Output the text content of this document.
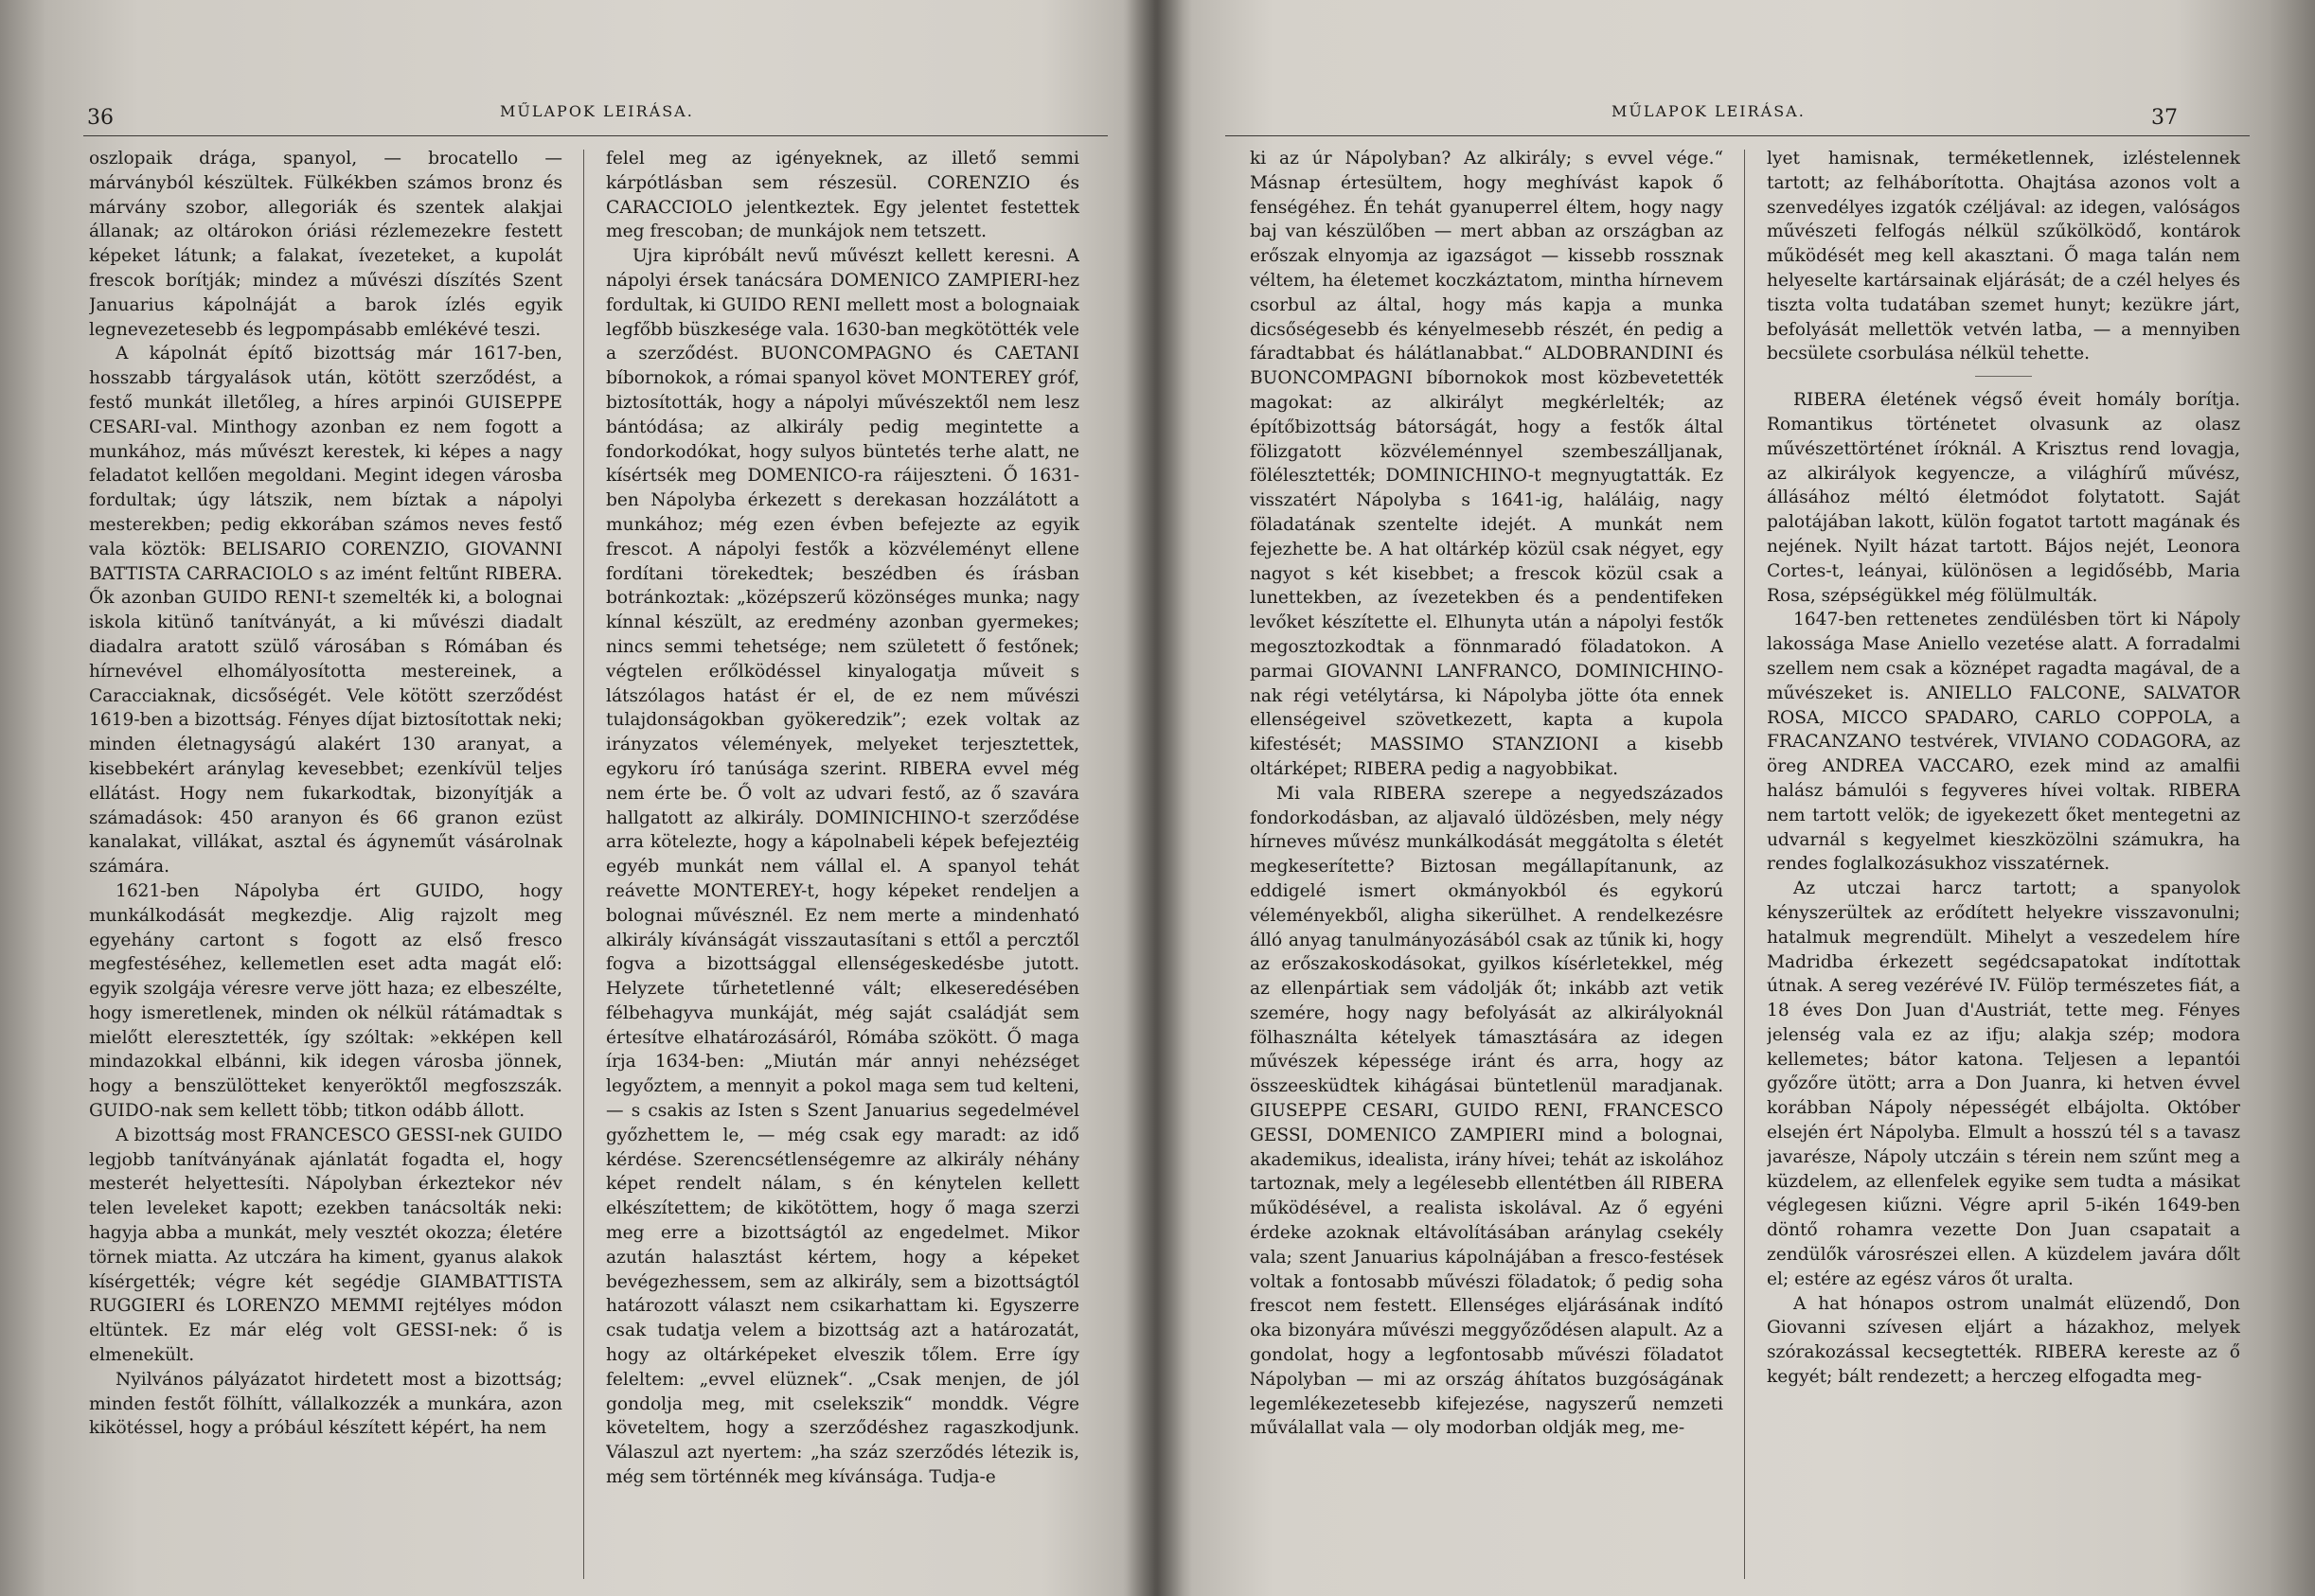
36	MŰLAPOK LEIRÁSA.

oszlopaik drága, spanyol, — brocatello — márványból készültek. Fülkékben számos bronz és márvány szobor, allegoriák és szentek alakjai állanak; az oltárokon óriási rézlemezekre festett képeket látunk; a falakat, ívezeteket, a kupolát frescok borítják; mindez a művészi díszítés Szent Januarius kápolnáját a barok ízlés egyik legnevezetesebb és legpompásabb emlékévé teszi.

A kápolnát építő bizottság már 1617-ben, hosszabb tárgyalások után, kötött szerződést, a festő munkát illetőleg, a híres arpinói GUISEPPE CESARI-val. Minthogy azonban ez nem fogott a munkához, más művészt kerestek, ki képes a nagy feladatot kellően megoldani. Megint idegen városba fordultak; úgy látszik, nem bíztak a nápolyi mesterekben; pedig ekkorában számos neves festő vala köztök: BELISARIO CORENZIO, GIOVANNI BATTISTA CARRACIOLO s az imént feltűnt RIBERA. Ők azonban GUIDO RENI-t szemelték ki, a bolognai iskola kitünő tanítványát, a ki művészi diadalt diadalra aratott szülő városában s Rómában és hírnevével elhomályosította mestereinek, a Caracciaknak, dicsőségét. Vele kötött szerződést 1619-ben a bizottság. Fényes díjat biztosítottak neki; minden életnagyságú alakért 130 aranyat, a kisebbekért aránylag kevesebbet; ezenkívül teljes ellátást. Hogy nem fukarkodtak, bizonyítják a számadások: 450 aranyon és 66 granon ezüst kanalakat, villákat, asztal és ágyneműt vásárolnak számára.

1621-ben Nápolyba ért GUIDO, hogy munkálkodását megkezdje. Alig rajzolt meg egyehány cartont s fogott az első fresco megfestéséhez, kellemetlen eset adta magát elő: egyik szolgája véresre verve jött haza; ez elbeszélte, hogy ismeretlenek, minden ok nélkül rátámadtak s mielőtt eleresztették, így szóltak: »ekképen kell mindazokkal elbánni, kik idegen városba jönnek, hogy a benszülötteket kenyeröktől megfoszszák. GUIDO-nak sem kellett több; titkon odább állott.

A bizottság most FRANCESCO GESSI-nek GUIDO legjobb tanítványának ajánlatát fogadta el, hogy mesterét helyettesíti. Nápolyban érkeztekor név telen leveleket kapott; ezekben tanácsolták neki: hagyja abba a munkát, mely vesztét okozza; életére törnek miatta. Az utczára ha kiment, gyanus alakok kísérgették; végre két segédje GIAMBATTISTA RUGGIERI és LORENZO MEMMI rejtélyes módon eltüntek. Ez már elég volt GESSI-nek: ő is elmenekült.

Nyilvános pályázatot hirdetett most a bizottság; minden festőt fölhítt, vállalkozzék a munkára, azon kikötéssel, hogy a próbául készített képért, ha nem

felel meg az igényeknek, az illető semmi kárpótlásban sem részesül. CORENZIO és CARACCIOLO jelentkeztek. Egy jelentet festettek meg frescoban; de munkájok nem tetszett.

Ujra kipróbált nevű művészt kellett keresni. A nápolyi érsek tanácsára DOMENICO ZAMPIERI-hez fordultak, ki GUIDO RENI mellett most a bolognaiak legfőbb büszkesége vala. 1630-ban megkötötték vele a szerződést. BUONCOMPAGNO és CAETANI bíbornokok, a római spanyol követ MONTEREY gróf, biztosították, hogy a nápolyi művészektől nem lesz bántódása; az alkirály pedig megintette a fondorkodókat, hogy sulyos büntetés terhe alatt, ne kísértsék meg DOMENICO-ra ráijeszteni. Ő 1631-ben Nápolyba érkezett s derekasan hozzálátott a munkához; még ezen évben befejezte az egyik frescot. A nápolyi festők a közvéleményt ellene fordítani törekedtek; beszédben és írásban botránkoztak: „középszerű közönséges munka; nagy kínnal készült, az eredmény azonban gyermekes; nincs semmi tehetsége; nem született ő festőnek; végtelen erőlködéssel kinyalogatja műveit s látszólagos hatást ér el, de ez nem művészi tulajdonságokban gyökeredzik”; ezek voltak az irányzatos vélemények, melyeket terjesztettek, egykoru író tanúsága szerint. RIBERA evvel még nem érte be. Ő volt az udvari festő, az ő szavára hallgatott az alkirály. DOMINICHINO-t szerződése arra kötelezte, hogy a kápolnabeli képek befejeztéig egyéb munkát nem vállal el. A spanyol tehát reávette MONTEREY-t, hogy képeket rendeljen a bolognai művésznél. Ez nem merte a mindenható alkirály kívánságát visszautasítani s ettől a percztől fogva a bizottsággal ellenségeskedésbe jutott. Helyzete tűrhetetlenné vált; elkeseredésében félbehagyva munkáját, még saját családját sem értesítve elhatározásáról, Rómába szökött. Ő maga írja 1634-ben: „Miután már annyi nehézséget legyőztem, a mennyit a pokol maga sem tud kelteni, — s csakis az Isten s Szent Januarius segedelmével győzhettem le, — még csak egy maradt: az idő kérdése. Szerencsétlenségemre az alkirály néhány képet rendelt nálam, s én kénytelen kellett elkészítettem; de kikötöttem, hogy ő maga szerzi meg erre a bizottságtól az engedelmet. Mikor azután halasztást kértem, hogy a képeket bevégezhessem, sem az alkirály, sem a bizottságtól határozott választ nem csikarhattam ki. Egyszerre csak tudatja velem a bizottság azt a határozatát, hogy az oltárképeket elveszik tőlem. Erre így feleltem: „evvel elüznek“. „Csak menjen, de jól gondolja meg, mit cselekszik“ monddk. Végre követeltem, hogy a szerződéshez ragaszkodjunk. Válaszul azt nyertem: „ha száz szerződés létezik is, még sem történnék meg kívánsága. Tudja-e

MŰLAPOK LEIRÁSA.	37

ki az úr Nápolyban? Az alkirály; s evvel vége.“ Másnap értesültem, hogy meghívást kapok ő fenségéhez. Én tehát gyanuperrel éltem, hogy nagy baj van készülőben — mert abban az országban az erőszak elnyomja az igazságot — kissebb rossznak véltem, ha életemet koczkáztatom, mintha hírnevem csorbul az által, hogy más kapja a munka dicsőségesebb és kényelmesebb részét, én pedig a fáradtabbat és hálátlanabbat.“ ALDOBRANDINI és BUONCOMPAGNI bíbornokok most közbevetették magokat: az alkirályt megkérlelték; az építőbizottság bátorságát, hogy a festők által fölizgatott közvéleménnyel szembeszálljanak, fölélesztették; DOMINICHINO-t megnyugtatták. Ez visszatért Nápolyba s 1641-ig, haláláig, nagy föladatának szentelte idejét. A munkát nem fejezhette be. A hat oltárkép közül csak négyet, egy nagyot s két kisebbet; a frescok közül csak a lunettekben, az ívezetekben és a pendentifeken levőket készítette el. Elhunyta után a nápolyi festők megosztozkodtak a fönnmaradó föladatokon. A parmai GIOVANNI LANFRANCO, DOMINICHINO-nak régi vetélytársa, ki Nápolyba jötte óta ennek ellenségeivel szövetkezett, kapta a kupola kifestését; MASSIMO STANZIONI a kisebb oltárképet; RIBERA pedig a nagyobbikat.

Mi vala RIBERA szerepe a negyedszázados fondorkodásban, az aljavaló üldözésben, mely négy hírneves művész munkálkodását meggátolta s életét megkeserítette? Biztosan megállapítanunk, az eddigelé ismert okmányokból és egykorú véleményekből, aligha sikerülhet. A rendelkezésre álló anyag tanulmányozásából csak az tűnik ki, hogy az erőszakoskodásokat, gyilkos kísérletekkel, még az ellenpártiak sem vádolják őt; inkább azt vetik szemére, hogy nagy befolyását az alkirályoknál fölhasználta kételyek támasztására az idegen művészek képessége iránt és arra, hogy az összeesküdtek kihágásai büntetlenül maradjanak. GIUSEPPE CESARI, GUIDO RENI, FRANCESCO GESSI, DOMENICO ZAMPIERI mind a bolognai, akademikus, idealista, irány hívei; tehát az iskolához tartoznak, mely a legélesebb ellentétben áll RIBERA működésével, a realista iskolával. Az ő egyéni érdeke azoknak eltávolításában aránylag csekély vala; szent Januarius kápolnájában a fresco-festések voltak a fontosabb művészi föladatok; ő pedig soha frescot nem festett. Ellenséges eljárásának indító oka bizonyára művészi meggyőződésen alapult. Az a gondolat, hogy a legfontosabb művészi föladatot Nápolyban — mi az ország áhítatos buzgóságának legemlékezetesebb kifejezése, nagyszerű nemzeti műválallat vala — oly modorban oldják meg, me-

lyet hamisnak, terméketlennek, izléstelennek tartott; az felháborította. Ohajtása azonos volt a szenvedélyes izgatók czéljával: az idegen, valóságos művészeti felfogás nélkül szűkölködő, kontárok működését meg kell akasztani. Ő maga talán nem helyeselte kartársainak eljárását; de a czél helyes és tiszta volta tudatában szemet hunyt; kezükre járt, befolyását mellettök vetvén latba, — a mennyiben becsülete csorbulása nélkül tehette.

RIBERA életének végső éveit homály borítja. Romantikus történetet olvasunk az olasz művészettörténet íróknál. A Krisztus rend lovagja, az alkirályok kegyencze, a világhírű művész, állásához méltó életmódot folytatott. Saját palotájában lakott, külön fogatot tartott magának és nejének. Nyilt házat tartott. Bájos nejét, Leonora Cortes-t, leányai, különösen a legidősébb, Maria Rosa, szépségükkel még fölülmulták.

1647-ben rettenetes zendülésben tört ki Nápoly lakossága Mase Aniello vezetése alatt. A forradalmi szellem nem csak a köznépet ragadta magával, de a művészeket is. ANIELLO FALCONE, SALVATOR ROSA, MICCO SPADARO, CARLO COPPOLA, a FRACANZANO testvérek, VIVIANO CODAGORA, az öreg ANDREA VACCARO, ezek mind az amalfii halász bámulói s fegyveres hívei voltak. RIBERA nem tartott velök; de igyekezett őket mentegetni az udvarnál s kegyelmet kieszközölni számukra, ha rendes foglalkozásukhoz visszatérnek.

Az utczai harcz tartott; a spanyolok kényszerültek az erődített helyekre visszavonulni; hatalmuk megrendült. Mihelyt a veszedelem híre Madridba érkezett segédcsapatokat indítottak útnak. A sereg vezérévé IV. Fülöp természetes fiát, a 18 éves Don Juan d'Austriát, tette meg. Fényes jelenség vala ez az ifju; alakja szép; modora kellemetes; bátor katona. Teljesen a lepantói győzőre ütött; arra a Don Juanra, ki hetven évvel korábban Nápoly népességét elbájolta. Október elsején ért Nápolyba. Elmult a hosszú tél s a tavasz javarésze, Nápoly utczáin s térein nem szűnt meg a küzdelem, az ellenfelek egyike sem tudta a másikat véglegesen kiűzni. Végre april 5-ikén 1649-ben döntő rohamra vezette Don Juan csapatait a zendülők városrészei ellen. A küzdelem javára dőlt el; estére az egész város őt uralta.

A hat hónapos ostrom unalmát elüzendő, Don Giovanni szívesen eljárt a házakhoz, melyek szórakozással kecsegtették. RIBERA kereste az ő kegyét; bált rendezett; a herczeg elfogadta meg-
